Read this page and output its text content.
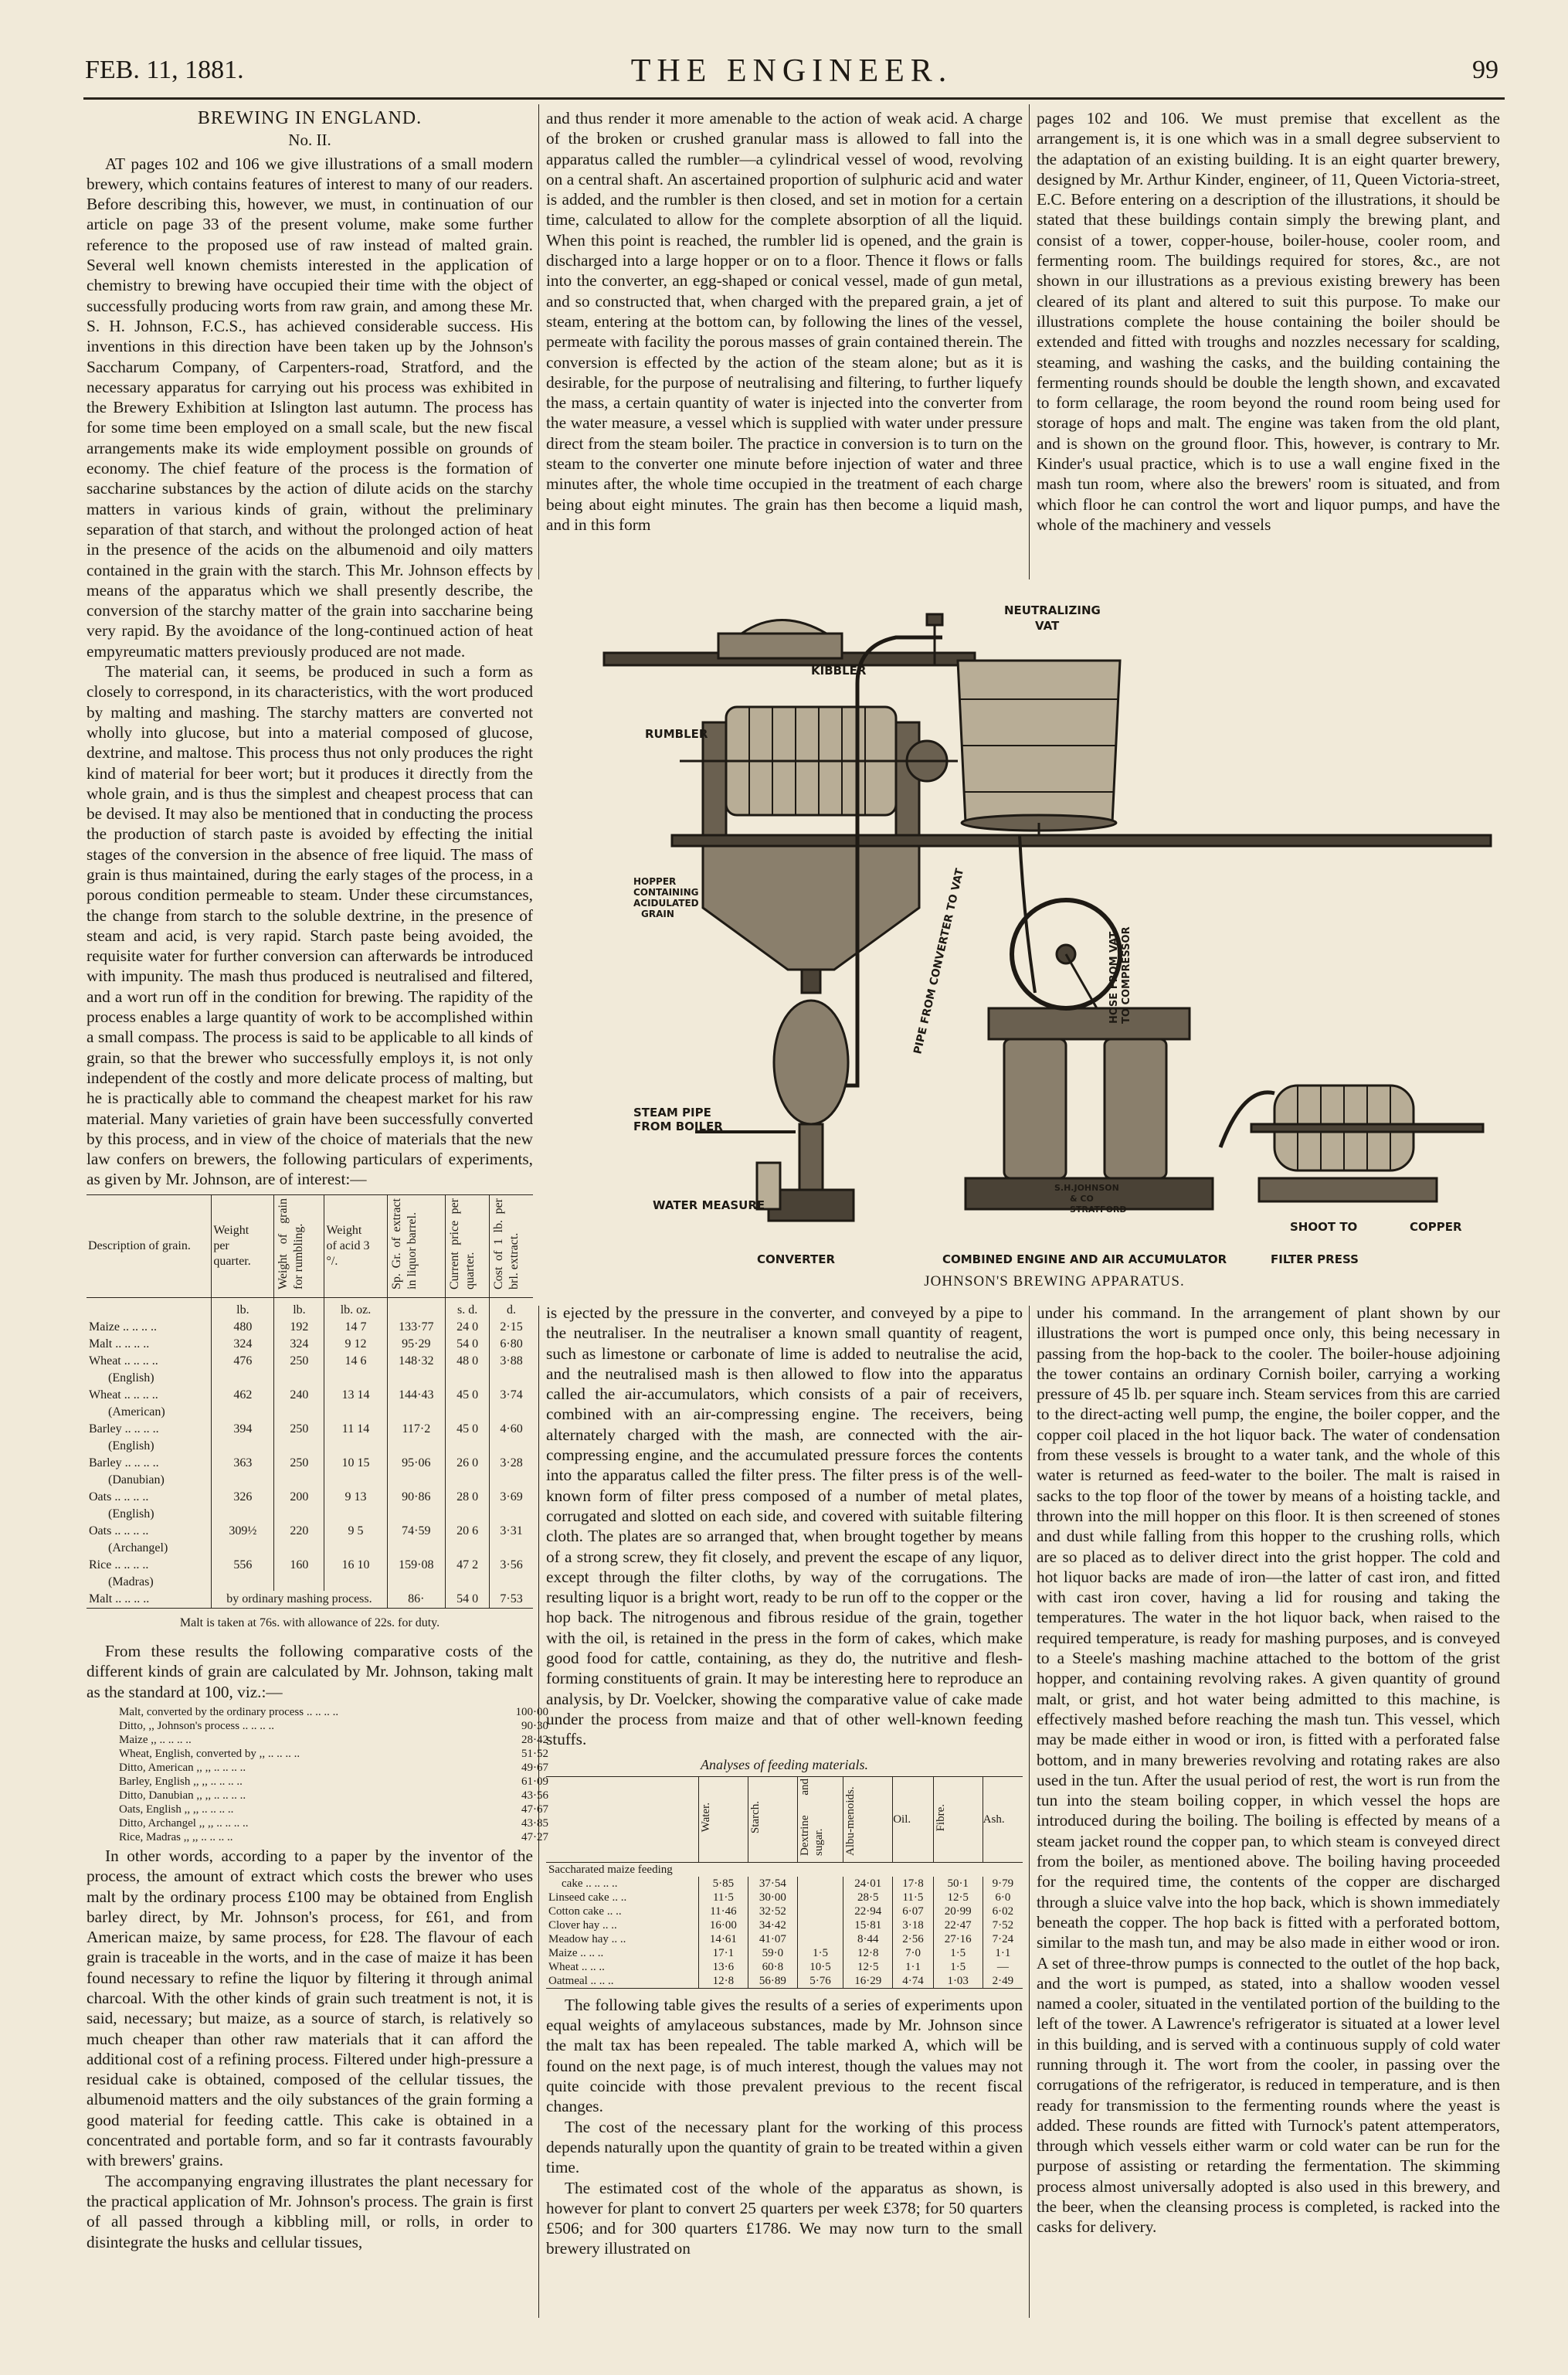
FEB. 11, 1881.	THE ENGINEER.	99
BREWING IN ENGLAND.
No. II.

AT pages 102 and 106 we give illustrations of a small modern brewery, which contains features of interest to many of our readers. Before describing this, however, we must, in continuation of our article on page 33 of the present volume, make some further reference to the proposed use of raw instead of malted grain. Several well known chemists interested in the application of chemistry to brewing have occupied their time with the object of successfully producing worts from raw grain, and among these Mr. S. H. Johnson, F.C.S., has achieved considerable success. His inventions in this direction have been taken up by the Johnson's Saccharum Company, of Carpenters-road, Stratford, and the necessary apparatus for carrying out his process was exhibited in the Brewery Exhibition at Islington last autumn. The process has for some time been employed on a small scale, but the new fiscal arrangements make its wide employment possible on grounds of economy. The chief feature of the process is the formation of saccharine substances by the action of dilute acids on the starchy matters in various kinds of grain, without the preliminary separation of that starch, and without the prolonged action of heat in the presence of the acids on the albumenoid and oily matters contained in the grain with the starch. This Mr. Johnson effects by means of the apparatus which we shall presently describe, the conversion of the starchy matter of the grain into saccharine being very rapid. By the avoidance of the long-continued action of heat empyreumatic matters previously produced are not made.

The material can, it seems, be produced in such a form as closely to correspond, in its characteristics, with the wort produced by malting and mashing. The starchy matters are converted not wholly into glucose, but into a material composed of glucose, dextrine, and maltose. This process thus not only produces the right kind of material for beer wort; but it produces it directly from the whole grain, and is thus the simplest and cheapest process that can be devised. It may also be mentioned that in conducting the process the production of starch paste is avoided by effecting the initial stages of the conversion in the absence of free liquid. The mass of grain is thus maintained, during the early stages of the process, in a porous condition permeable to steam. Under these circumstances, the change from starch to the soluble dextrine, in the presence of steam and acid, is very rapid. Starch paste being avoided, the requisite water for further conversion can afterwards be introduced with impunity. The mash thus produced is neutralised and filtered, and a wort run off in the condition for brewing. The rapidity of the process enables a large quantity of work to be accomplished within a small compass. The process is said to be applicable to all kinds of grain, so that the brewer who successfully employs it, is not only independent of the costly and more delicate process of malting, but he is practically able to command the cheapest market for his raw material. Many varieties of grain have been successfully converted by this process, and in view of the choice of materials that the new law confers on brewers, the following particulars of experiments, as given by Mr. Johnson, are of interest:—

Description of grain.	Weight per quarter.	Weight of grain for rumbling.	Weight of acid 3 °/.	Sp. Gr. of extract in liquor barrel.	Current price per quarter.	Cost of 1 lb. per brl. extract.
	lb.	lb.	lb. oz.		s. d.	d.
Maize .. .. .. ..	480	192	14 7	133·77	24 0	2·15
Malt .. .. .. ..	324	324	9 12	95·29	54 0	6·80
Wheat .. .. .. ..	476	250	14 6	148·32	48 0	3·88
(English)						
Wheat .. .. .. ..	462	240	13 14	144·43	45 0	3·74
(American)						
Barley .. .. .. ..	394	250	11 14	117·2	45 0	4·60
(English)						
Barley .. .. .. ..	363	250	10 15	95·06	26 0	3·28
(Danubian)						
Oats .. .. .. ..	326	200	9 13	90·86	28 0	3·69
(English)						
Oats .. .. .. ..	309½	220	9 5	74·59	20 6	3·31
(Archangel)						
Rice .. .. .. ..	556	160	16 10	159·08	47 2	3·56
(Madras)						
Malt .. .. .. ..	by ordinary mashing process.			86·	54 0	7·53
Malt is taken at 76s. with allowance of 22s. for duty.

From these results the following comparative costs of the different kinds of grain are calculated by Mr. Johnson, taking malt as the standard at 100, viz.:—

Malt, converted by the ordinary process .. .. .. ..	100·00
Ditto, ,, Johnson's process .. .. .. ..	90·30
Maize ,, .. .. .. ..	28·42
Wheat, English, converted by ,, .. .. .. ..	51·52
Ditto, American ,, ,, .. .. .. ..	49·67
Barley, English ,, ,, .. .. .. ..	61·09
Ditto, Danubian ,, ,, .. .. .. ..	43·56
Oats, English ,, ,, .. .. .. ..	47·67
Ditto, Archangel ,, ,, .. .. .. ..	43·85
Rice, Madras ,, ,, .. .. .. ..	47·27

In other words, according to a paper by the inventor of the process, the amount of extract which costs the brewer who uses malt by the ordinary process £100 may be obtained from English barley direct, by Mr. Johnson's process, for £61, and from American maize, by same process, for £28. The flavour of each grain is traceable in the worts, and in the case of maize it has been found necessary to refine the liquor by filtering it through animal charcoal. With the other kinds of grain such treatment is not, it is said, necessary; but maize, as a source of starch, is relatively so much cheaper than other raw materials that it can afford the additional cost of a refining process. Filtered under high-pressure a residual cake is obtained, composed of the cellular tissues, the albumenoid matters and the oily substances of the grain forming a good material for feeding cattle. This cake is obtained in a concentrated and portable form, and so far it contrasts favourably with brewers' grains.

The accompanying engraving illustrates the plant necessary for the practical application of Mr. Johnson's process. The grain is first of all passed through a kibbling mill, or rolls, in order to disintegrate the husks and cellular tissues,

and thus render it more amenable to the action of weak acid. A charge of the broken or crushed granular mass is allowed to fall into the apparatus called the rumbler—a cylindrical vessel of wood, revolving on a central shaft. An ascertained proportion of sulphuric acid and water is added, and the rumbler is then closed, and set in motion for a certain time, calculated to allow for the complete absorption of all the liquid. When this point is reached, the rumbler lid is opened, and the grain is discharged into a large hopper or on to a floor. Thence it flows or falls into the converter, an egg-shaped or conical vessel, made of gun metal, and so constructed that, when charged with the prepared grain, a jet of steam, entering at the bottom can, by following the lines of the vessel, permeate with facility the porous masses of grain contained therein. The conversion is effected by the action of the steam alone; but as it is desirable, for the purpose of neutralising and filtering, to further liquefy the mass, a certain quantity of water is injected into the converter from the water measure, a vessel which is supplied with water under pressure direct from the steam boiler. The practice in conversion is to turn on the steam to the converter one minute before injection of water and three minutes after, the whole time occupied in the treatment of each charge being about eight minutes. The grain has then become a liquid mash, and in this form

pages 102 and 106. We must premise that excellent as the arrangement is, it is one which was in a small degree subservient to the adaptation of an existing building. It is an eight quarter brewery, designed by Mr. Arthur Kinder, engineer, of 11, Queen Victoria-street, E.C. Before entering on a description of the illustrations, it should be stated that these buildings contain simply the brewing plant, and consist of a tower, copper-house, boiler-house, cooler room, and fermenting room. The buildings required for stores, &c., are not shown in our illustrations as a previous existing brewery has been cleared of its plant and altered to suit this purpose. To make our illustrations complete the house containing the boiler should be extended and fitted with troughs and nozzles necessary for scalding, steaming, and washing the casks, and the building containing the fermenting rounds should be double the length shown, and excavated to form cellarage, the room beyond the round room being used for storage of hops and malt. The engine was taken from the old plant, and is shown on the ground floor. This, however, is contrary to Mr. Kinder's usual practice, which is to use a wall engine fixed in the mash tun room, where also the brewers' room is situated, and from which floor he can control the wort and liquor pumps, and have the whole of the machinery and vessels

NEUTRALIZING
VAT
KIBBLER
RUMBLER
HOPPER
CONTAINING
ACIDULATED
GRAIN
STEAM PIPE
FROM BOILER
WATER MEASURE
PIPE FROM CONVERTER TO VAT	HOSE FROM VAT TO COMPRESSOR
S.H.JOHNSON
& CO
STRATFORD
CONVERTER	COMBINED ENGINE AND AIR ACCUMULATOR	FILTER PRESS
SHOOT TO	COPPER
JOHNSON'S BREWING APPARATUS.

is ejected by the pressure in the converter, and conveyed by a pipe to the neutraliser. In the neutraliser a known small quantity of reagent, such as limestone or carbonate of lime is added to neutralise the acid, and the neutralised mash is then allowed to flow into the apparatus called the air-accumulators, which consists of a pair of receivers, combined with an air-compressing engine. The receivers, being alternately charged with the mash, are connected with the air-compressing engine, and the accumulated pressure forces the contents into the apparatus called the filter press. The filter press is of the well-known form of filter press composed of a number of metal plates, corrugated and slotted on each side, and covered with suitable filtering cloth. The plates are so arranged that, when brought together by means of a strong screw, they fit closely, and prevent the escape of any liquor, except through the filter cloths, by way of the corrugations. The resulting liquor is a bright wort, ready to be run off to the copper or the hop back. The nitrogenous and fibrous residue of the grain, together with the oil, is retained in the press in the form of cakes, which make good food for cattle, containing, as they do, the nutritive and flesh-forming constituents of grain. It may be interesting here to reproduce an analysis, by Dr. Voelcker, showing the comparative value of cake made under the process from maize and that of other well-known feeding stuffs.

Analyses of feeding materials.
	Water.	Starch.	Dextrine and sugar.	Albu-menoids.	Oil.	Fibre.	Ash.
Saccharated maize feeding							
cake .. .. .. ..	5·85	37·54		24·01	17·8	50·1	9·79
Linseed cake .. ..	11·5	30·00		28·5	11·5	12·5	6·0
Cotton cake .. ..	11·46	32·52		22·94	6·07	20·99	6·02
Clover hay .. ..	16·00	34·42		15·81	3·18	22·47	7·52
Meadow hay .. ..	14·61	41·07		8·44	2·56	27·16	7·24
Maize .. .. ..	17·1	59·0	1·5	12·8	7·0	1·5	1·1
Wheat .. .. ..	13·6	60·8	10·5	12·5	1·1	1·5	—
Oatmeal .. .. ..	12·8	56·89	5·76	16·29	4·74	1·03	2·49

The following table gives the results of a series of experiments upon equal weights of amylaceous substances, made by Mr. Johnson since the malt tax has been repealed. The table marked A, which will be found on the next page, is of much interest, though the values may not quite coincide with those prevalent previous to the recent fiscal changes.

The cost of the necessary plant for the working of this process depends naturally upon the quantity of grain to be treated within a given time.

The estimated cost of the whole of the apparatus as shown, is however for plant to convert 25 quarters per week £378; for 50 quarters £506; and for 300 quarters £1786. We may now turn to the small brewery illustrated on

under his command. In the arrangement of plant shown by our illustrations the wort is pumped once only, this being necessary in passing from the hop-back to the cooler. The boiler-house adjoining the tower contains an ordinary Cornish boiler, carrying a working pressure of 45 lb. per square inch. Steam services from this are carried to the direct-acting well pump, the engine, the boiler copper, and the copper coil placed in the hot liquor back. The water of condensation from these vessels is brought to a water tank, and the whole of this water is returned as feed-water to the boiler. The malt is raised in sacks to the top floor of the tower by means of a hoisting tackle, and thrown into the mill hopper on this floor. It is then screened of stones and dust while falling from this hopper to the crushing rolls, which are so placed as to deliver direct into the grist hopper. The cold and hot liquor backs are made of iron—the latter of cast iron, and fitted with cast iron cover, having a lid for rousing and taking the temperatures. The water in the hot liquor back, when raised to the required temperature, is ready for mashing purposes, and is conveyed to a Steele's mashing machine attached to the bottom of the grist hopper, and containing revolving rakes. A given quantity of ground malt, or grist, and hot water being admitted to this machine, is effectively mashed before reaching the mash tun. This vessel, which may be made either in wood or iron, is fitted with a perforated false bottom, and in many breweries revolving and rotating rakes are also used in the tun. After the usual period of rest, the wort is run from the tun into the steam boiling copper, in which vessel the hops are introduced during the boiling. The boiling is effected by means of a steam jacket round the copper pan, to which steam is conveyed direct from the boiler, as mentioned above. The boiling having proceeded for the required time, the contents of the copper are discharged through a sluice valve into the hop back, which is shown immediately beneath the copper. The hop back is fitted with a perforated bottom, similar to the mash tun, and may be also made in either wood or iron. A set of three-throw pumps is connected to the outlet of the hop back, and the wort is pumped, as stated, into a shallow wooden vessel named a cooler, situated in the ventilated portion of the building to the left of the tower. A Lawrence's refrigerator is situated at a lower level in this building, and is served with a continuous supply of cold water running through it. The wort from the cooler, in passing over the corrugations of the refrigerator, is reduced in temperature, and is then ready for transmission to the fermenting rounds where the yeast is added. These rounds are fitted with Turnock's patent attemperators, through which vessels either warm or cold water can be run for the purpose of assisting or retarding the fermentation. The skimming process almost universally adopted is also used in this brewery, and the beer, when the cleansing process is completed, is racked into the casks for delivery.
